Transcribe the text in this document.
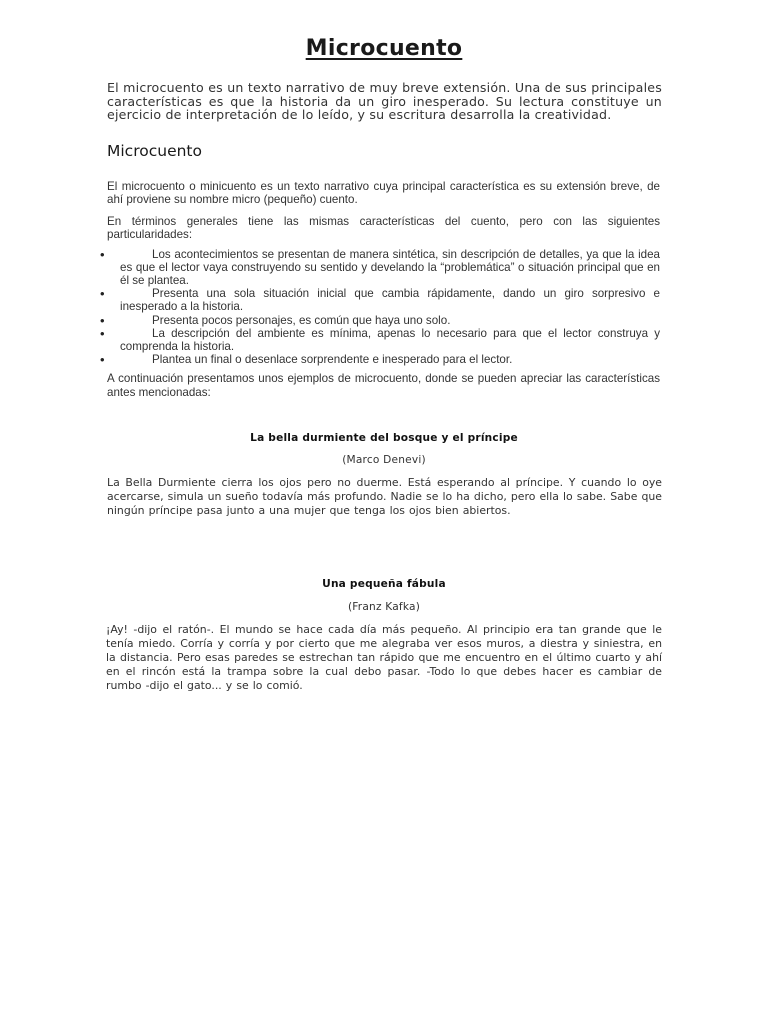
Microcuento

El microcuento es un texto narrativo de muy breve extensión. Una de sus principales características es que la historia da un giro inesperado. Su lectura constituye un ejercicio de interpretación de lo leído, y su escritura desarrolla la creatividad.

Microcuento

El microcuento o minicuento es un texto narrativo cuya principal característica es su extensión breve, de ahí proviene su nombre micro (pequeño) cuento.

En términos generales tiene las mismas características del cuento, pero con las siguientes particularidades:

• Los acontecimientos se presentan de manera sintética, sin descripción de detalles, ya que la idea es que el lector vaya construyendo su sentido y develando la “problemática” o situación principal que en él se plantea.
• Presenta una sola situación inicial que cambia rápidamente, dando un giro sorpresivo e inesperado a la historia.
• Presenta pocos personajes, es común que haya uno solo.
• La descripción del ambiente es mínima, apenas lo necesario para que el lector construya y comprenda la historia.
• Plantea un final o desenlace sorprendente e inesperado para el lector.

A continuación presentamos unos ejemplos de microcuento, donde se pueden apreciar las características antes mencionadas:

La bella durmiente del bosque y el príncipe
(Marco Denevi)

La Bella Durmiente cierra los ojos pero no duerme. Está esperando al príncipe. Y cuando lo oye acercarse, simula un sueño todavía más profundo. Nadie se lo ha dicho, pero ella lo sabe. Sabe que ningún príncipe pasa junto a una mujer que tenga los ojos bien abiertos.

Una pequeña fábula
(Franz Kafka)

¡Ay! -dijo el ratón-. El mundo se hace cada día más pequeño. Al principio era tan grande que le tenía miedo. Corría y corría y por cierto que me alegraba ver esos muros, a diestra y siniestra, en la distancia. Pero esas paredes se estrechan tan rápido que me encuentro en el último cuarto y ahí en el rincón está la trampa sobre la cual debo pasar. -Todo lo que debes hacer es cambiar de rumbo -dijo el gato... y se lo comió.
